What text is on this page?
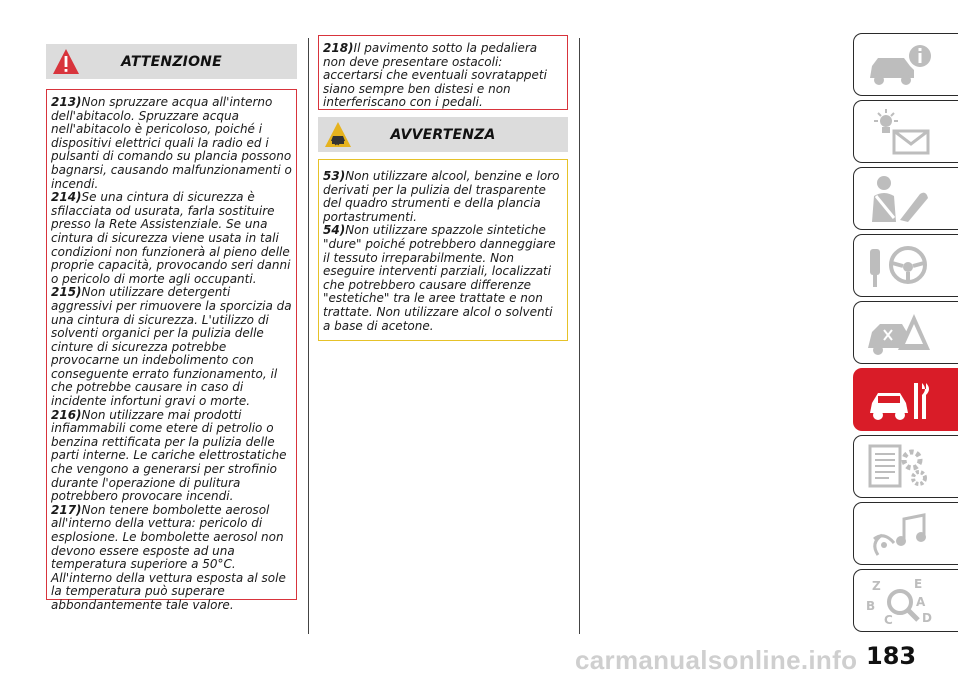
ATTENZIONE

213)Non spruzzare acqua all'interno dell'abitacolo. Spruzzare acqua nell'abitacolo è pericoloso, poiché i dispositivi elettrici quali la radio ed i pulsanti di comando su plancia possono bagnarsi, causando malfunzionamenti o incendi.

214)Se una cintura di sicurezza è sfilacciata od usurata, farla sostituire presso la Rete Assistenziale. Se una cintura di sicurezza viene usata in tali condizioni non funzionerà al pieno delle proprie capacità, provocando seri danni o pericolo di morte agli occupanti.

215)Non utilizzare detergenti aggressivi per rimuovere la sporcizia da una cintura di sicurezza. L'utilizzo di solventi organici per la pulizia delle cinture di sicurezza potrebbe provocarne un indebolimento con conseguente errato funzionamento, il che potrebbe causare in caso di incidente infortuni gravi o morte.

216)Non utilizzare mai prodotti infiammabili come etere di petrolio o benzina rettificata per la pulizia delle parti interne. Le cariche elettrostatiche che vengono a generarsi per strofinio durante l'operazione di pulitura potrebbero provocare incendi.

217)Non tenere bombolette aerosol all'interno della vettura: pericolo di esplosione. Le bombolette aerosol non devono essere esposte ad una temperatura superiore a 50°C. All'interno della vettura esposta al sole la temperatura può superare abbondantemente tale valore.

218)Il pavimento sotto la pedaliera non deve presentare ostacoli: accertarsi che eventuali sovratappeti siano sempre ben distesi e non interferiscano con i pedali.

AVVERTENZA

53)Non utilizzare alcool, benzine e loro derivati per la pulizia del trasparente del quadro strumenti e della plancia portastrumenti.

54)Non utilizzare spazzole sintetiche "dure" poiché potrebbero danneggiare il tessuto irreparabilmente. Non eseguire interventi parziali, localizzati che potrebbero causare differenze "estetiche" tra le aree trattate e non trattate. Non utilizzare alcol o solventi a base di acetone.

Z	E
B	A
D
C
183
carmanualsonline.info
